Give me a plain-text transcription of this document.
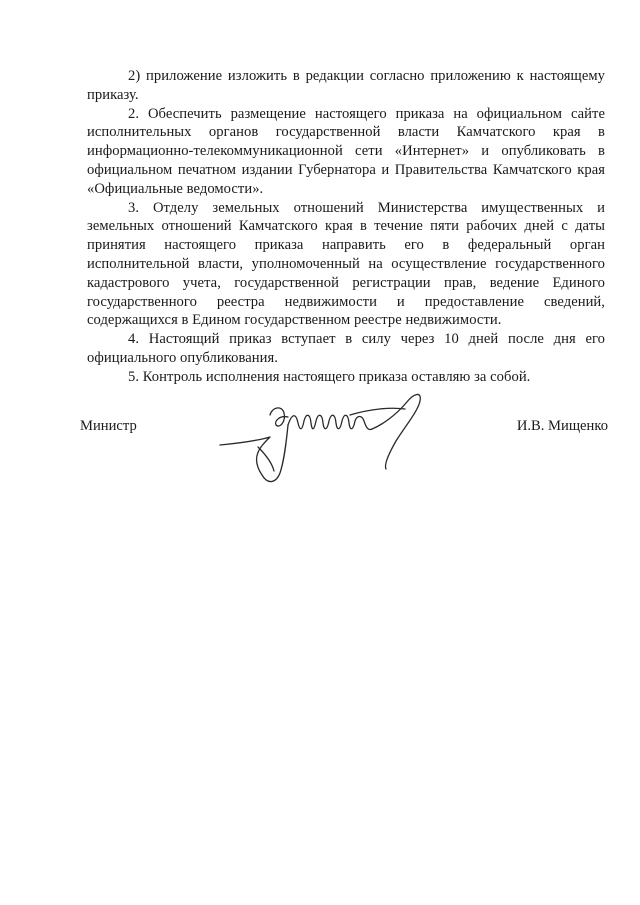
2) приложение изложить в редакции согласно приложению к настоящему приказу.

2. Обеспечить размещение настоящего приказа на официальном сайте исполнительных органов государственной власти Камчатского края в информационно-телекоммуникационной сети «Интернет» и опубликовать в официальном печатном издании Губернатора и Правительства Камчатского края «Официальные ведомости».

3. Отделу земельных отношений Министерства имущественных и земельных отношений Камчатского края в течение пяти рабочих дней с даты принятия настоящего приказа направить его в федеральный орган исполнительной власти, уполномоченный на осуществление государственного кадастрового учета, государственной регистрации прав, ведение Единого государственного реестра недвижимости и предоставление сведений, содержащихся в Едином государственном реестре недвижимости.

4. Настоящий приказ вступает в силу через 10 дней после дня его официального опубликования.

5. Контроль исполнения настоящего приказа оставляю за собой.

Министр	И.В. Мищенко
